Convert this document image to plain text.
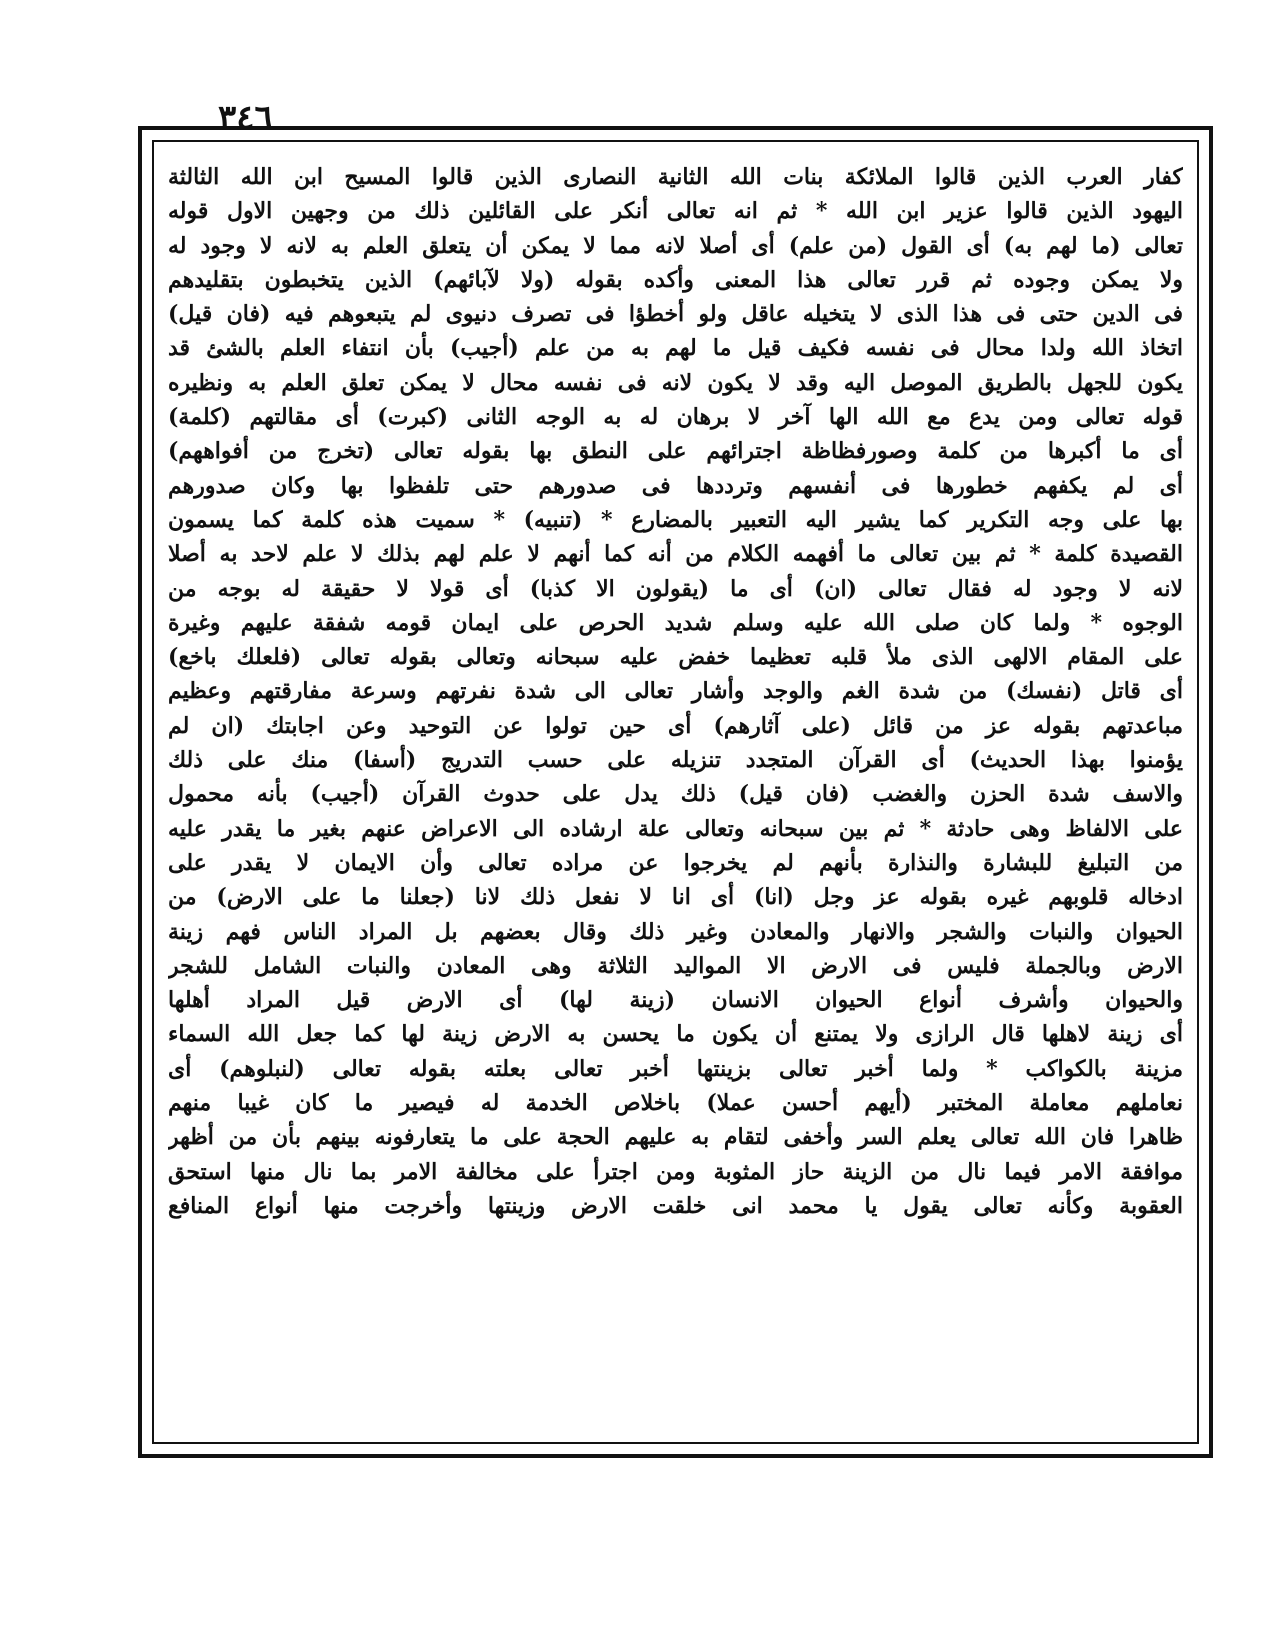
٣٤٦
كفار العرب الذين قالوا الملائكة بنات الله الثانية النصارى الذين قالوا المسيح ابن الله الثالثة
اليهود الذين قالوا عزير ابن الله * ثم انه تعالى أنكر على القائلين ذلك من وجهين الاول قوله
تعالى (ما لهم به) أى القول (من علم) أى أصلا لانه مما لا يمكن أن يتعلق العلم به لانه لا وجود له
ولا يمكن وجوده ثم قرر تعالى هذا المعنى وأكده بقوله (ولا لآبائهم) الذين يتخبطون بتقليدهم
فى الدين حتى فى هذا الذى لا يتخيله عاقل ولو أخطؤا فى تصرف دنيوى لم يتبعوهم فيه (فان قيل)
اتخاذ الله ولدا محال فى نفسه فكيف قيل ما لهم به من علم (أجيب) بأن انتفاء العلم بالشئ قد
يكون للجهل بالطريق الموصل اليه وقد لا يكون لانه فى نفسه محال لا يمكن تعلق العلم به ونظيره
قوله تعالى ومن يدع مع الله الها آخر لا برهان له به الوجه الثانى (كبرت) أى مقالتهم (كلمة)
أى ما أكبرها من كلمة وصورفظاظة اجترائهم على النطق بها بقوله تعالى (تخرج من أفواههم)
أى لم يكفهم خطورها فى أنفسهم وترددها فى صدورهم حتى تلفظوا بها وكان صدورهم
بها على وجه التكرير كما يشير اليه التعبير بالمضارع * (تنبيه) * سميت هذه كلمة كما يسمون
القصيدة كلمة * ثم بين تعالى ما أفهمه الكلام من أنه كما أنهم لا علم لهم بذلك لا علم لاحد به أصلا
لانه لا وجود له فقال تعالى (ان) أى ما (يقولون الا كذبا) أى قولا لا حقيقة له بوجه من
الوجوه * ولما كان صلى الله عليه وسلم شديد الحرص على ايمان قومه شفقة عليهم وغيرة
على المقام الالهى الذى ملأ قلبه تعظيما خفض عليه سبحانه وتعالى بقوله تعالى (فلعلك باخع)
أى قاتل (نفسك) من شدة الغم والوجد وأشار تعالى الى شدة نفرتهم وسرعة مفارقتهم وعظيم
مباعدتهم بقوله عز من قائل (على آثارهم) أى حين تولوا عن التوحيد وعن اجابتك (ان لم
يؤمنوا بهذا الحديث) أى القرآن المتجدد تنزيله على حسب التدريج (أسفا) منك على ذلك
والاسف شدة الحزن والغضب (فان قيل) ذلك يدل على حدوث القرآن (أجيب) بأنه محمول
على الالفاظ وهى حادثة * ثم بين سبحانه وتعالى علة ارشاده الى الاعراض عنهم بغير ما يقدر عليه
من التبليغ للبشارة والنذارة بأنهم لم يخرجوا عن مراده تعالى وأن الايمان لا يقدر على
ادخاله قلوبهم غيره بقوله عز وجل (انا) أى انا لا نفعل ذلك لانا (جعلنا ما على الارض) من
الحيوان والنبات والشجر والانهار والمعادن وغير ذلك وقال بعضهم بل المراد الناس فهم زينة
الارض وبالجملة فليس فى الارض الا المواليد الثلاثة وهى المعادن والنبات الشامل للشجر
والحيوان وأشرف أنواع الحيوان الانسان (زينة لها) أى الارض قيل المراد أهلها
أى زينة لاهلها قال الرازى ولا يمتنع أن يكون ما يحسن به الارض زينة لها كما جعل الله السماء
مزينة بالكواكب * ولما أخبر تعالى بزينتها أخبر تعالى بعلته بقوله تعالى (لنبلوهم) أى
نعاملهم معاملة المختبر (أيهم أحسن عملا) باخلاص الخدمة له فيصير ما كان غيبا منهم
ظاهرا فان الله تعالى يعلم السر وأخفى لتقام به عليهم الحجة على ما يتعارفونه بينهم بأن من أظهر
موافقة الامر فيما نال من الزينة حاز المثوبة ومن اجترأ على مخالفة الامر بما نال منها استحق
العقوبة وكأنه تعالى يقول يا محمد انى خلقت الارض وزينتها وأخرجت منها أنواع المنافع
